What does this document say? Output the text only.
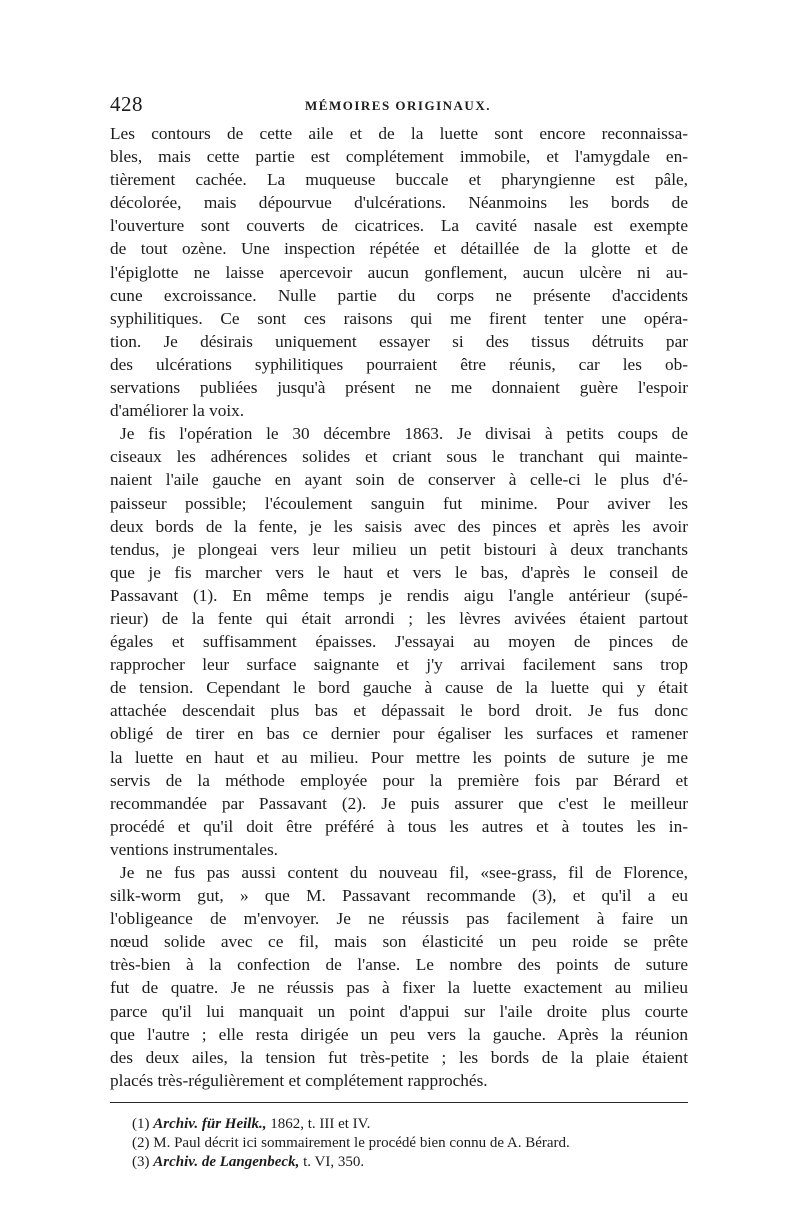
428	MÉMOIRES ORIGINAUX.
Les contours de cette aile et de la luette sont encore reconnaissa-
bles, mais cette partie est complétement immobile, et l'amygdale en-
tièrement cachée. La muqueuse buccale et pharyngienne est pâle,
décolorée, mais dépourvue d'ulcérations. Néanmoins les bords de
l'ouverture sont couverts de cicatrices. La cavité nasale est exempte
de tout ozène. Une inspection répétée et détaillée de la glotte et de
l'épiglotte ne laisse apercevoir aucun gonflement, aucun ulcère ni au-
cune excroissance. Nulle partie du corps ne présente d'accidents
syphilitiques. Ce sont ces raisons qui me firent tenter une opéra-
tion. Je désirais uniquement essayer si des tissus détruits par
des ulcérations syphilitiques pourraient être réunis, car les ob-
servations publiées jusqu'à présent ne me donnaient guère l'espoir
d'améliorer la voix.
Je fis l'opération le 30 décembre 1863. Je divisai à petits coups de
ciseaux les adhérences solides et criant sous le tranchant qui mainte-
naient l'aile gauche en ayant soin de conserver à celle-ci le plus d'é-
paisseur possible; l'écoulement sanguin fut minime. Pour aviver les
deux bords de la fente, je les saisis avec des pinces et après les avoir
tendus, je plongeai vers leur milieu un petit bistouri à deux tranchants
que je fis marcher vers le haut et vers le bas, d'après le conseil de
Passavant (1). En même temps je rendis aigu l'angle antérieur (supé-
rieur) de la fente qui était arrondi ; les lèvres avivées étaient partout
égales et suffisamment épaisses. J'essayai au moyen de pinces de
rapprocher leur surface saignante et j'y arrivai facilement sans trop
de tension. Cependant le bord gauche à cause de la luette qui y était
attachée descendait plus bas et dépassait le bord droit. Je fus donc
obligé de tirer en bas ce dernier pour égaliser les surfaces et ramener
la luette en haut et au milieu. Pour mettre les points de suture je me
servis de la méthode employée pour la première fois par Bérard et
recommandée par Passavant (2). Je puis assurer que c'est le meilleur
procédé et qu'il doit être préféré à tous les autres et à toutes les in-
ventions instrumentales.
Je ne fus pas aussi content du nouveau fil, «see-grass, fil de Florence,
silk-worm gut, » que M. Passavant recommande (3), et qu'il a eu
l'obligeance de m'envoyer. Je ne réussis pas facilement à faire un
nœud solide avec ce fil, mais son élasticité un peu roide se prête
très-bien à la confection de l'anse. Le nombre des points de suture
fut de quatre. Je ne réussis pas à fixer la luette exactement au milieu
parce qu'il lui manquait un point d'appui sur l'aile droite plus courte
que l'autre ; elle resta dirigée un peu vers la gauche. Après la réunion
des deux ailes, la tension fut très-petite ; les bords de la plaie étaient
placés très-régulièrement et complétement rapprochés.
(1) Archiv. für Heilk., 1862, t. III et IV.
(2) M. Paul décrit ici sommairement le procédé bien connu de A. Bérard.
(3) Archiv. de Langenbeck, t. VI, 350.
